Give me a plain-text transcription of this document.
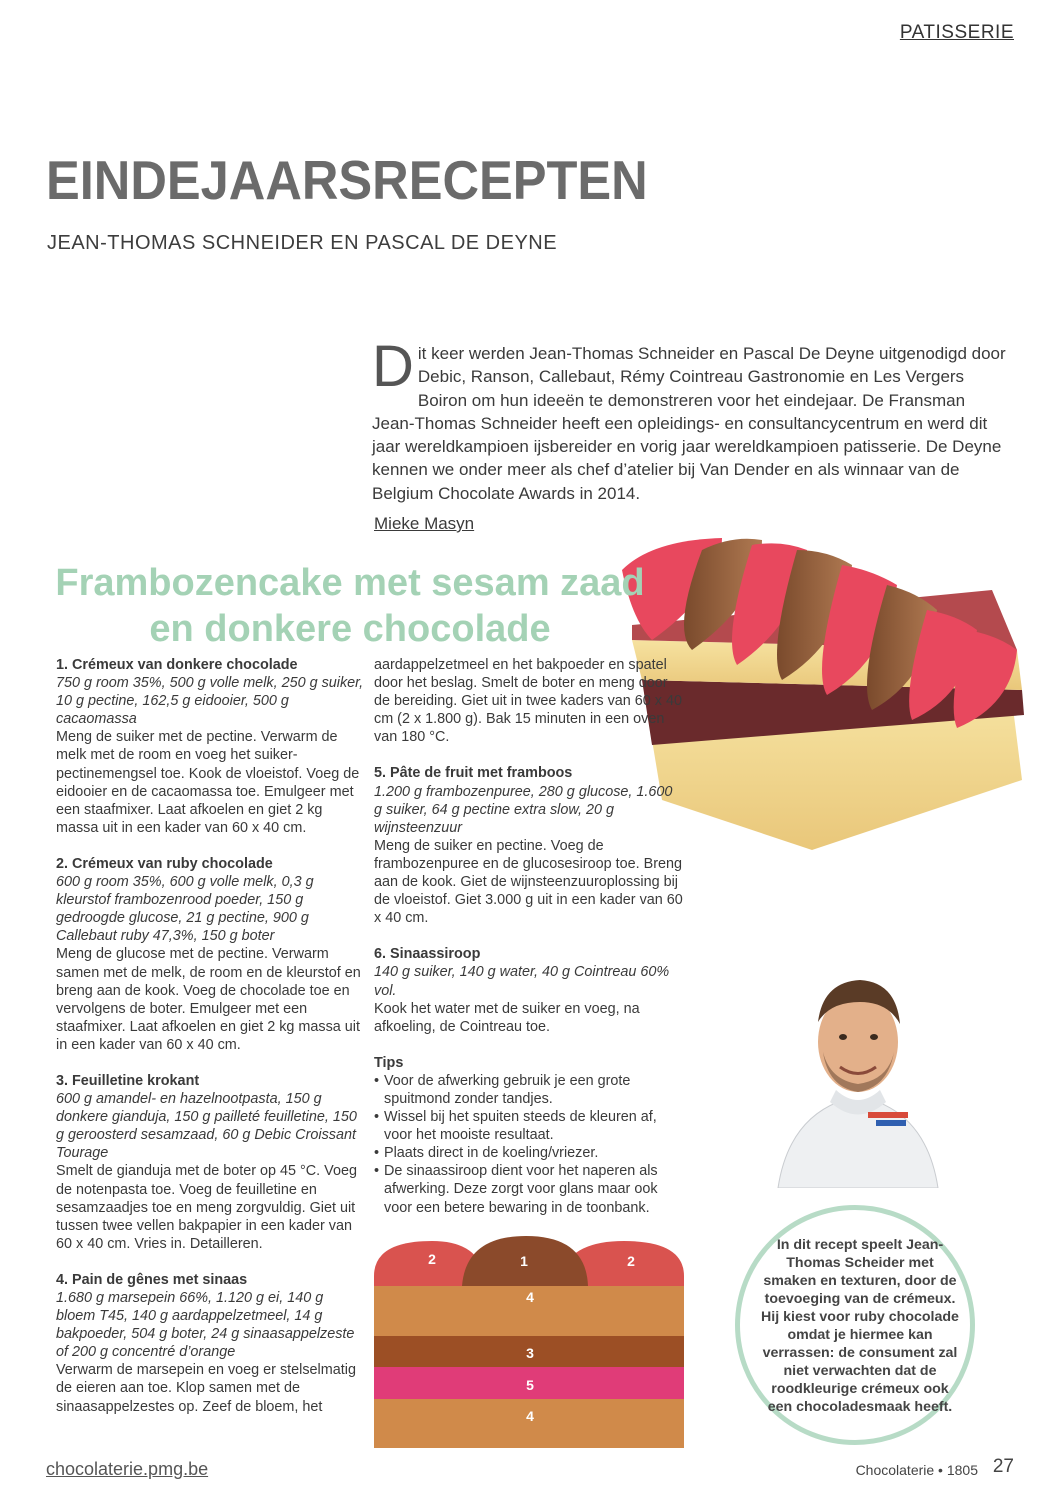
PATISSERIE
EINDEJAARSRECEPTEN
JEAN-THOMAS SCHNEIDER EN PASCAL DE DEYNE
Dit keer werden Jean-Thomas Schneider en Pascal De Deyne uitgenodigd door Debic, Ranson, Callebaut, Rémy Cointreau Gastronomie en Les Vergers Boiron om hun ideeën te demonstreren voor het eindejaar. De Fransman Jean-Thomas Schneider heeft een opleidings- en consultancycentrum en werd dit jaar wereldkampioen ijsbereider en vorig jaar wereldkampioen patisserie. De Deyne kennen we onder meer als chef d’atelier bij Van Dender en als winnaar van de Belgium Chocolate Awards in 2014.
Mieke Masyn
Frambozencake met sesam zaad en donkere chocolade
1. Crémeux van donkere chocolade
750 g room 35%, 500 g volle melk, 250 g suiker, 10 g pectine, 162,5 g eidooier, 500 g cacaomassa
Meng de suiker met de pectine. Verwarm de melk met de room en voeg het suiker-pectinemengsel toe. Kook de vloeistof. Voeg de eidooier en de cacaomassa toe. Emulgeer met een staafmixer. Laat afkoelen en giet 2 kg massa uit in een kader van 60 x 40 cm.
2. Crémeux van ruby chocolade
600 g room 35%, 600 g volle melk, 0,3 g kleurstof frambozenrood poeder, 150 g gedroogde glucose, 21 g pectine, 900 g Callebaut ruby 47,3%, 150 g boter
Meng de glucose met de pectine. Verwarm samen met de melk, de room en de kleurstof en breng aan de kook. Voeg de chocolade toe en vervolgens de boter. Emulgeer met een staafmixer. Laat afkoelen en giet 2 kg massa uit in een kader van 60 x 40 cm.
3. Feuilletine krokant
600 g amandel- en hazelnootpasta, 150 g donkere gianduja, 150 g pailleté feuilletine, 150 g geroosterd sesamzaad, 60 g Debic Croissant Tourage
Smelt de gianduja met de boter op 45 °C. Voeg de notenpasta toe. Voeg de feuilletine en sesamzaadjes toe en meng zorgvuldig. Giet uit tussen twee vellen bakpapier in een kader van 60 x 40 cm. Vries in. Detailleren.
4. Pain de gênes met sinaas
1.680 g marsepein 66%, 1.120 g ei, 140 g bloem T45, 140 g aardappelzetmeel, 14 g bakpoeder, 504 g boter, 24 g sinaasappelzeste of 200 g concentré d’orange
Verwarm de marsepein en voeg er stelselmatig de eieren aan toe. Klop samen met de sinaasappelzestes op. Zeef de bloem, het
aardappelzetmeel en het bakpoeder en spatel door het beslag. Smelt de boter en meng door de bereiding. Giet uit in twee kaders van 60 x 40 cm (2 x 1.800 g). Bak 15 minuten in een oven van 180 °C.
5. Pâte de fruit met framboos
1.200 g frambozenpuree, 280 g glucose, 1.600 g suiker, 64 g pectine extra slow, 20 g wijnsteenzuur
Meng de suiker en pectine. Voeg de frambozenpuree en de glucosesiroop toe. Breng aan de kook. Giet de wijnsteenzuuroplossing bij de vloeistof. Giet 3.000 g uit in een kader van 60 x 40 cm.
6. Sinaassiroop
140 g suiker, 140 g water, 40 g Cointreau 60% vol.
Kook het water met de suiker en voeg, na afkoeling, de Cointreau toe.
Tips
• Voor de afwerking gebruik je een grote spuitmond zonder tandjes.
• Wissel bij het spuiten steeds de kleuren af, voor het mooiste resultaat.
• Plaats direct in de koeling/vriezer.
• De sinaassiroop dient voor het naperen als afwerking. Deze zorgt voor glans maar ook voor een betere bewaring in de toonbank.
2	1	2
4
3
5
4
In dit recept speelt Jean-Thomas Scheider met smaken en texturen, door de toevoeging van de crémeux. Hij kiest voor ruby chocolade omdat je hiermee kan verrassen: de consument zal niet verwachten dat de roodkleurige crémeux ook een chocoladesmaak heeft.
chocolaterie.pmg.be	Chocolaterie • 1805 27
